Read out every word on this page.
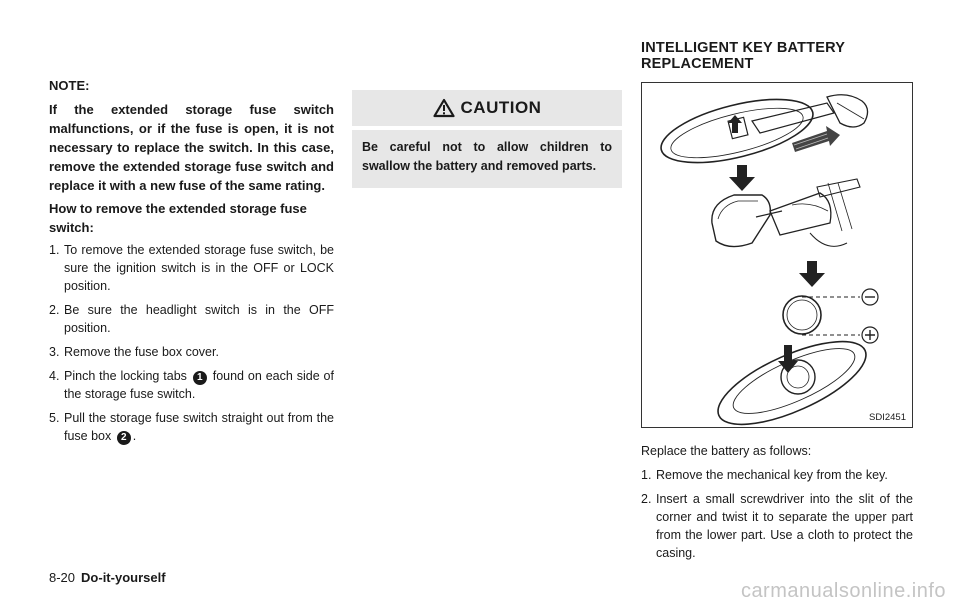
NOTE:
If the extended storage fuse switch malfunctions, or if the fuse is open, it is not necessary to replace the switch. In this case, remove the extended storage fuse switch and replace it with a new fuse of the same rating.
How to remove the extended storage fuse switch:
1. To remove the extended storage fuse switch, be sure the ignition switch is in the OFF or LOCK position.
2. Be sure the headlight switch is in the OFF position.
3. Remove the fuse box cover.
4. Pinch the locking tabs 1 found on each side of the storage fuse switch.
5. Pull the storage fuse switch straight out from the fuse box 2 .
CAUTION
Be careful not to allow children to swallow the battery and removed parts.
INTELLIGENT KEY BATTERY
REPLACEMENT
SDI2451
Replace the battery as follows:
1. Remove the mechanical key from the key.
2. Insert a small screwdriver into the slit of the corner and twist it to separate the upper part from the lower part. Use a cloth to protect the casing.
8-20 Do-it-yourself
carmanualsonline.info
